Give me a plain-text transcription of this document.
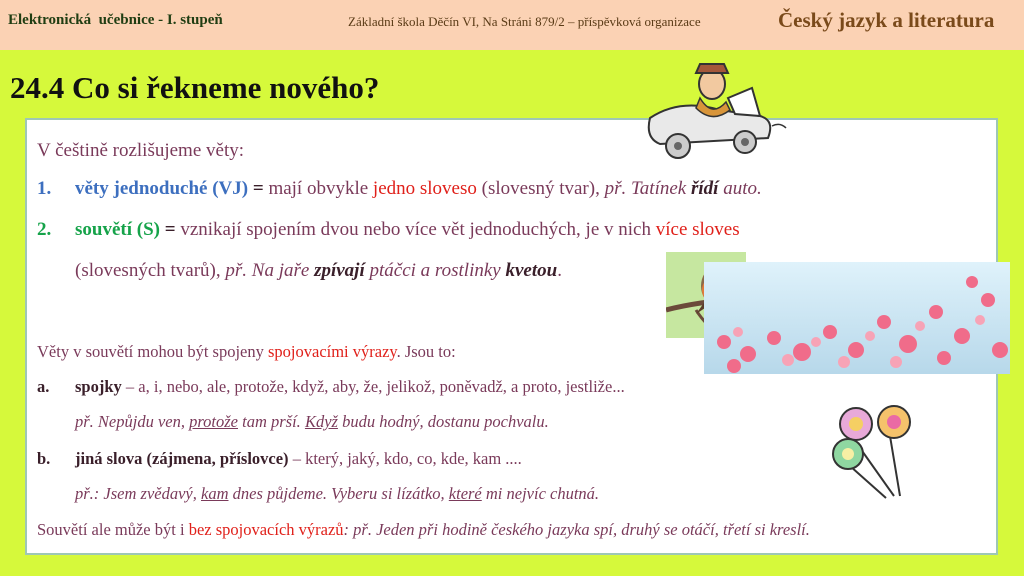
Elektronická  učebnice - I. stupeň	Základní škola Děčín VI, Na Stráni 879/2 – příspěvková organizace	Český jazyk a literatura
24.4 Co si řekneme nového?
V češtině rozlišujeme věty:
1. věty jednoduché (VJ) = mají obvykle jedno sloveso (slovesný tvar), př. Tatínek řídí auto.
2. souvětí (S) = vznikají spojením dvou nebo více vět jednoduchých, je v nich více sloves
(slovesných tvarů), př. Na jaře zpívají ptáčci a rostlinky kvetou.
Věty v souvětí mohou být spojeny spojovacími výrazy. Jsou to:
a. spojky – a, i, nebo, ale, protože, když, aby, že, jelikož, poněvadž, a proto, jestliže...
př. Nepůjdu ven, protože tam prší. Když budu hodný, dostanu pochvalu.
b. jiná slova (zájmena, příslovce) – který, jaký, kdo, co, kde, kam ....
př.: Jsem zvědavý, kam dnes půjdeme. Vyberu si lízátko, které mi nejvíc chutná.
Souvětí ale může být i bez spojovacích výrazů: př. Jeden při hodině českého jazyka spí, druhý se otáčí, třetí si kreslí.
